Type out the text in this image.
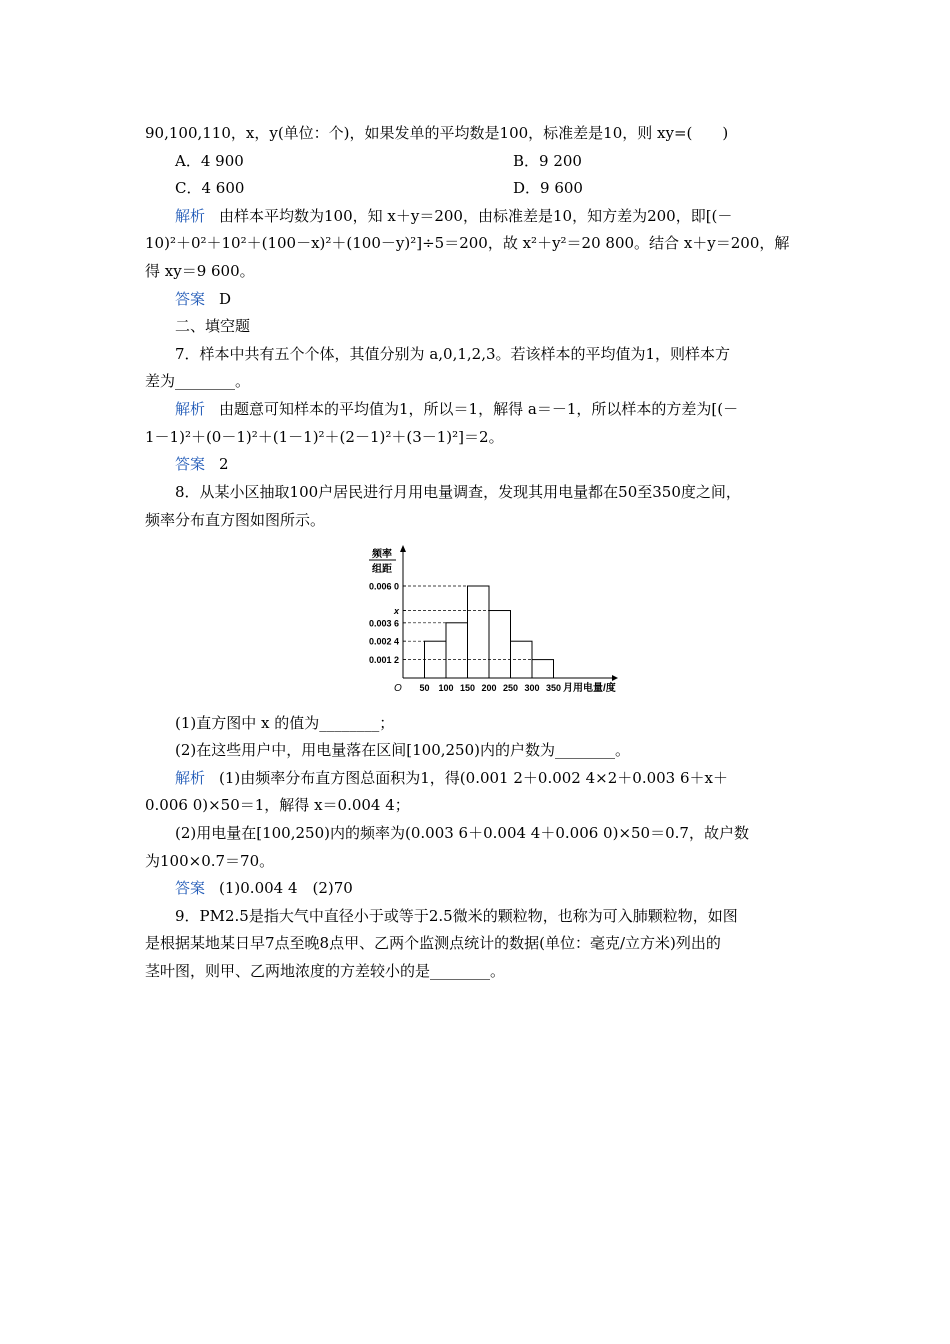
90,100,110，x，y(单位：个)，如果发单的平均数是100，标准差是10，则 xy=(　　)
A．4 900	B．9 200
C．4 600	D．9 600
解析 由样本平均数为100，知 x＋y＝200，由标准差是10，知方差为200，即[(－
10)²＋0²＋10²＋(100－x)²＋(100－y)²]÷5＝200，故 x²＋y²＝20 800。结合 x＋y＝200，解
得 xy＝9 600。
答案 D
二、填空题
7．样本中共有五个个体，其值分别为 a,0,1,2,3。若该样本的平均值为1，则样本方
差为________。
解析 由题意可知样本的平均值为1，所以＝1，解得 a＝－1，所以样本的方差为[(－
1－1)²＋(0－1)²＋(1－1)²＋(2－1)²＋(3－1)²]＝2。
答案 2
8．从某小区抽取100户居民进行月用电量调查，发现其用电量都在50至350度之间，
频率分布直方图如图所示。
频率
组距
0.001 2
0.002 4
0.003 6
x
0.006 0
50 100 150 200 250 300 350
O	月用电量/度
(1)直方图中 x 的值为________；
(2)在这些用户中，用电量落在区间[100,250)内的户数为________。
解析 (1)由频率分布直方图总面积为1，得(0.001 2＋0.002 4×2＋0.003 6＋x＋
0.006 0)×50＝1，解得 x＝0.004 4；
(2)用电量在[100,250)内的频率为(0.003 6＋0.004 4＋0.006 0)×50＝0.7，故户数
为100×0.7＝70。
答案 (1)0.004 4　(2)70
9．PM2.5是指大气中直径小于或等于2.5微米的颗粒物，也称为可入肺颗粒物，如图
是根据某地某日早7点至晚8点甲、乙两个监测点统计的数据(单位：毫克/立方米)列出的
茎叶图，则甲、乙两地浓度的方差较小的是________。
